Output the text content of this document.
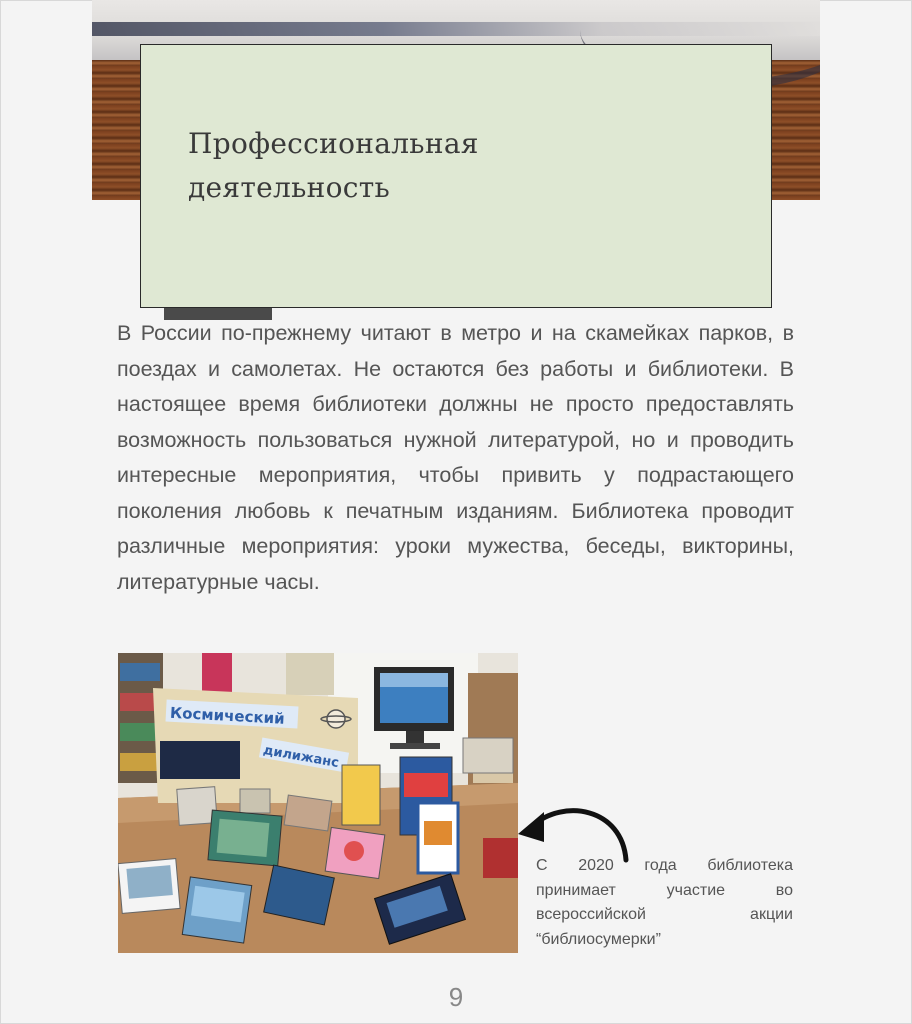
Профессиональная
деятельность

В России по-прежнему читают в метро и на скамейках парков, в поездах и самолетах. Не остаются без работы и библиотеки. В настоящее время библиотеки должны не просто предоставлять возможность пользоваться нужной литературой, но и проводить интересные мероприятия, чтобы привить у подрастающего поколения любовь к печатным изданиям. Библиотека проводит различные мероприятия: уроки мужества, беседы, викторины, литературные часы.

Космический
дилижанс

С 2020 года библиотека принимает участие во всероссийской акции “библиосумерки”

9
